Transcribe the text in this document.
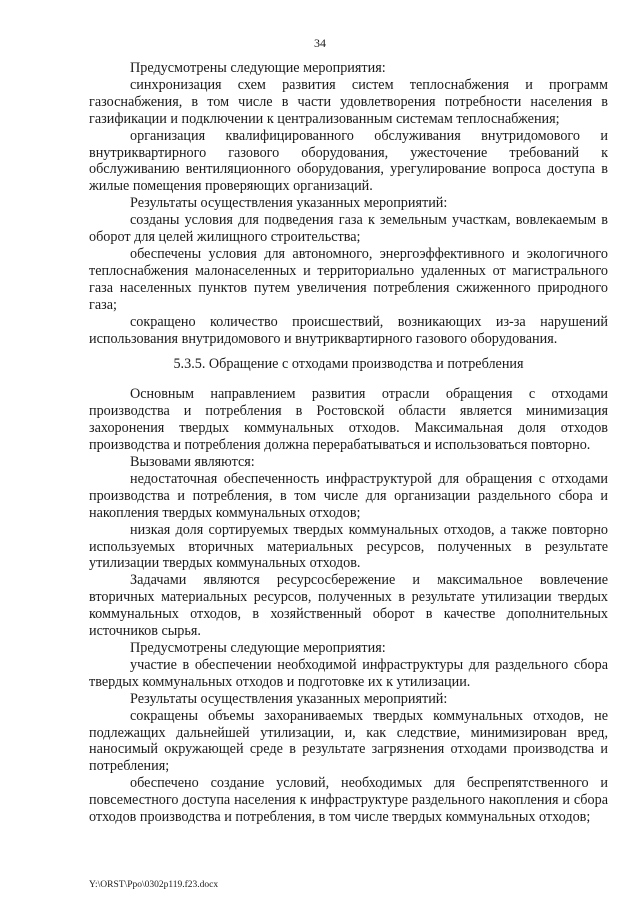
34

Предусмотрены следующие мероприятия:

синхронизация схем развития систем теплоснабжения и программ газоснабжения, в том числе в части удовлетворения потребности населения в газификации и подключении к централизованным системам теплоснабжения;

организация квалифицированного обслуживания внутридомового и внутриквартирного газового оборудования, ужесточение требований к обслуживанию вентиляционного оборудования, урегулирование вопроса доступа в жилые помещения проверяющих организаций.

Результаты осуществления указанных мероприятий:

созданы условия для подведения газа к земельным участкам, вовлекаемым в оборот для целей жилищного строительства;

обеспечены условия для автономного, энергоэффективного и экологичного теплоснабжения малонаселенных и территориально удаленных от магистрального газа населенных пунктов путем увеличения потребления сжиженного природного газа;

сокращено количество происшествий, возникающих из-за нарушений использования внутридомового и внутриквартирного газового оборудования.

5.3.5. Обращение с отходами производства и потребления

Основным направлением развития отрасли обращения с отходами производства и потребления в Ростовской области является минимизация захоронения твердых коммунальных отходов. Максимальная доля отходов производства и потребления должна перерабатываться и использоваться повторно.

Вызовами являются:

недостаточная обеспеченность инфраструктурой для обращения с отходами производства и потребления, в том числе для организации раздельного сбора и накопления твердых коммунальных отходов;

низкая доля сортируемых твердых коммунальных отходов, а также повторно используемых вторичных материальных ресурсов, полученных в результате утилизации твердых коммунальных отходов.

Задачами являются ресурсосбережение и максимальное вовлечение вторичных материальных ресурсов, полученных в результате утилизации твердых коммунальных отходов, в хозяйственный оборот в качестве дополнительных источников сырья.

Предусмотрены следующие мероприятия:

участие в обеспечении необходимой инфраструктуры для раздельного сбора твердых коммунальных отходов и подготовке их к утилизации.

Результаты осуществления указанных мероприятий:

сокращены объемы захораниваемых твердых коммунальных отходов, не подлежащих дальнейшей утилизации, и, как следствие, минимизирован вред, наносимый окружающей среде в результате загрязнения отходами производства и потребления;

обеспечено создание условий, необходимых для беспрепятственного и повсеместного доступа населения к инфраструктуре раздельного накопления и сбора отходов производства и потребления, в том числе твердых коммунальных отходов;

Y:\ORST\Ppo\0302p119.f23.docx
